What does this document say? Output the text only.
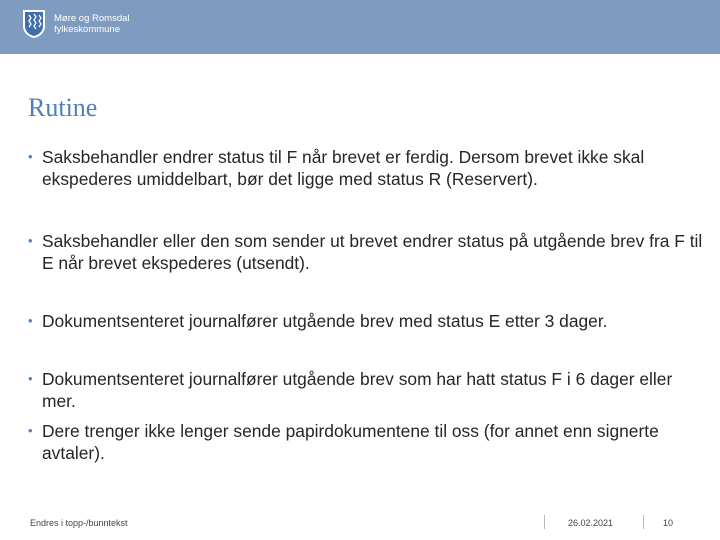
Møre og Romsdal
fylkeskommune
Rutine
• Saksbehandler endrer status til F når brevet er ferdig. Dersom brevet ikke skal ekspederes umiddelbart, bør det ligge med status R (Reservert).
• Saksbehandler eller den som sender ut brevet endrer status på utgående brev fra F til E når brevet ekspederes (utsendt).
• Dokumentsenteret journalfører utgående brev med status E etter 3 dager.
• Dokumentsenteret journalfører utgående brev som har hatt status F i 6 dager eller mer.
• Dere trenger ikke lenger sende papirdokumentene til oss (for annet enn signerte avtaler).
Endres i topp-/bunntekst	26.02.2021	10
